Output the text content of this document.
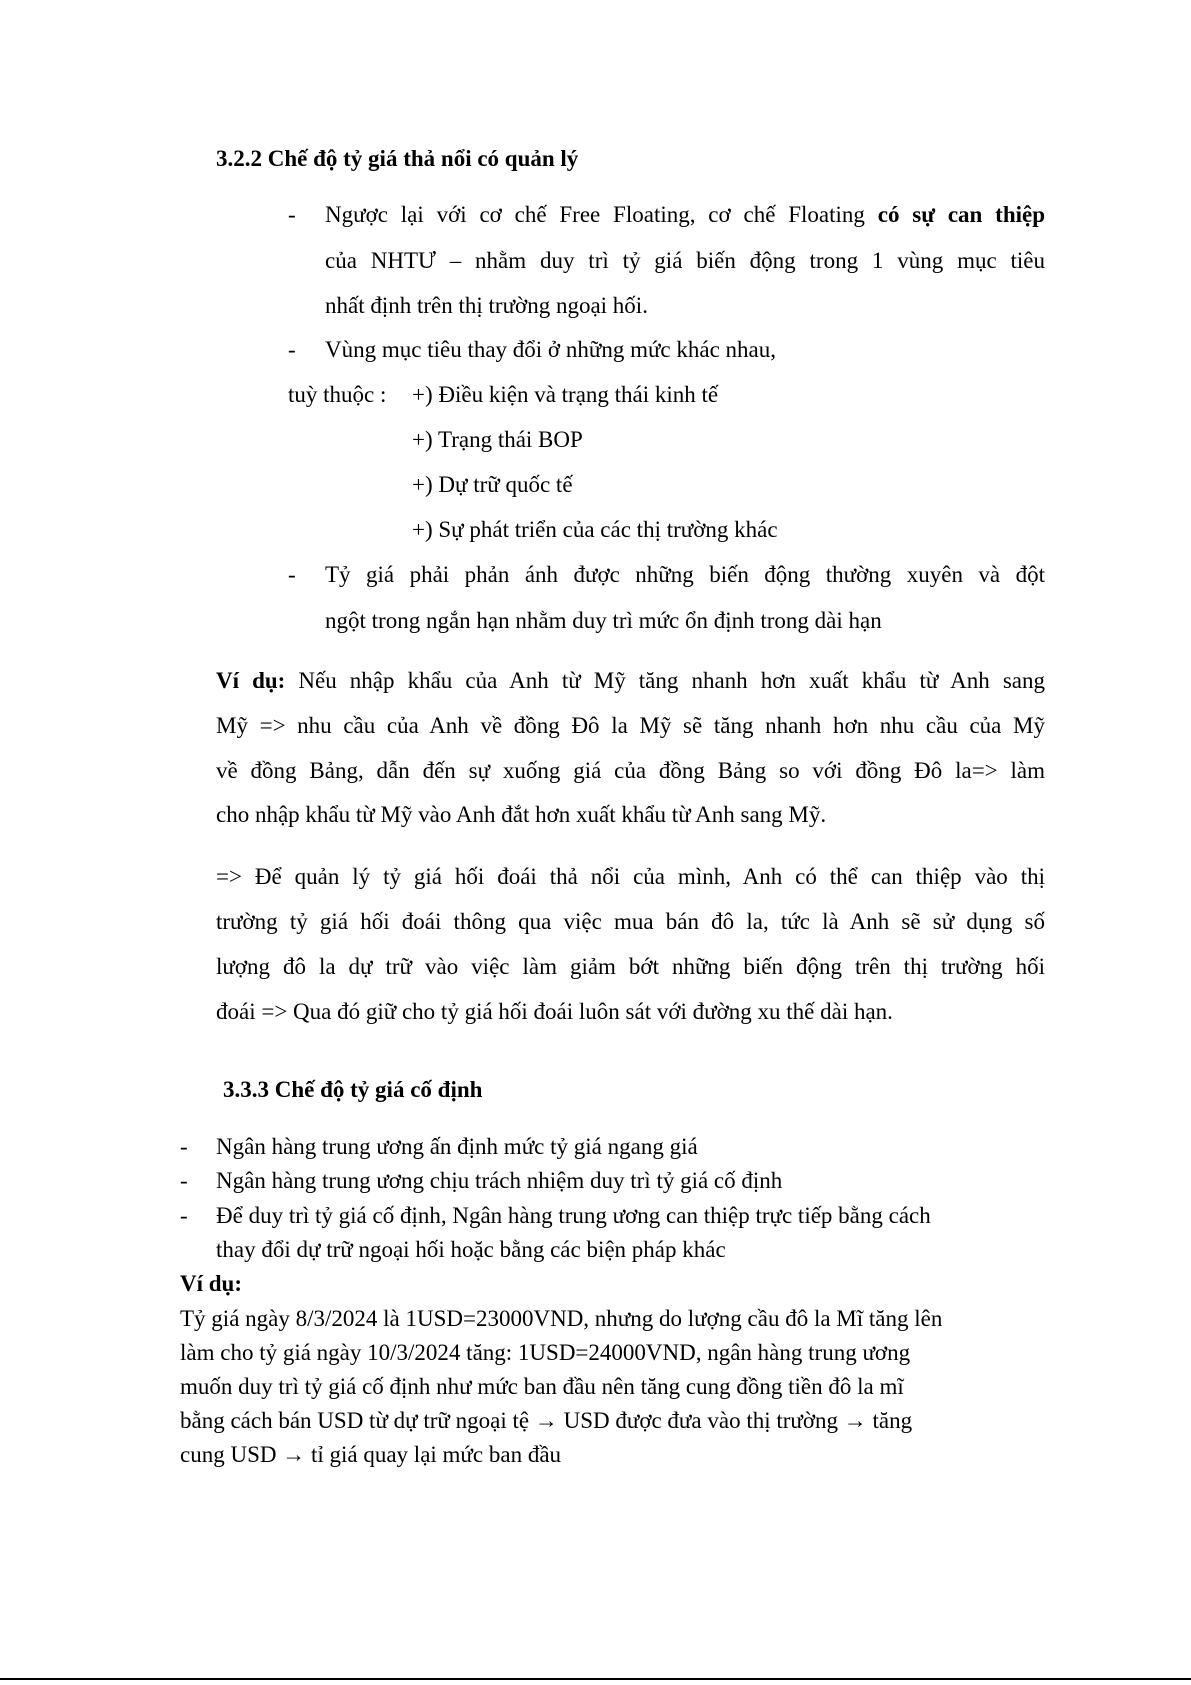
3.2.2 Chế độ tỷ giá thả nổi có quản lý
- Ngược lại với cơ chế Free Floating, cơ chế Floating có sự can thiệp
của NHTƯ – nhằm duy trì tỷ giá biến động trong 1 vùng mục tiêu
nhất định trên thị trường ngoại hối.
- Vùng mục tiêu thay đổi ở những mức khác nhau,
tuỳ thuộc : +) Điều kiện và trạng thái kinh tế
+) Trạng thái BOP
+) Dự trữ quốc tế
+) Sự phát triển của các thị trường khác
- Tỷ giá phải phản ánh được những biến động thường xuyên và đột
ngột trong ngắn hạn nhằm duy trì mức ổn định trong dài hạn
Ví dụ: Nếu nhập khẩu của Anh từ Mỹ tăng nhanh hơn xuất khẩu từ Anh sang
Mỹ => nhu cầu của Anh về đồng Đô la Mỹ sẽ tăng nhanh hơn nhu cầu của Mỹ
về đồng Bảng, dẫn đến sự xuống giá của đồng Bảng so với đồng Đô la=> làm
cho nhập khẩu từ Mỹ vào Anh đắt hơn xuất khẩu từ Anh sang Mỹ.
=> Để quản lý tỷ giá hối đoái thả nổi của mình, Anh có thể can thiệp vào thị
trường tỷ giá hối đoái thông qua việc mua bán đô la, tức là Anh sẽ sử dụng số
lượng đô la dự trữ vào việc làm giảm bớt những biến động trên thị trường hối
đoái => Qua đó giữ cho tỷ giá hối đoái luôn sát với đường xu thế dài hạn.
3.3.3 Chế độ tỷ giá cố định
- Ngân hàng trung ương ấn định mức tỷ giá ngang giá
- Ngân hàng trung ương chịu trách nhiệm duy trì tỷ giá cố định
- Để duy trì tỷ giá cố định, Ngân hàng trung ương can thiệp trực tiếp bằng cách
thay đổi dự trữ ngoại hối hoặc bằng các biện pháp khác
Ví dụ:
Tỷ giá ngày 8/3/2024 là 1USD=23000VND, nhưng do lượng cầu đô la Mĩ tăng lên
làm cho tỷ giá ngày 10/3/2024 tăng: 1USD=24000VND, ngân hàng trung ương
muốn duy trì tỷ giá cố định như mức ban đầu nên tăng cung đồng tiền đô la mĩ
bằng cách bán USD từ dự trữ ngoại tệ → USD được đưa vào thị trường → tăng
cung USD → tỉ giá quay lại mức ban đầu
